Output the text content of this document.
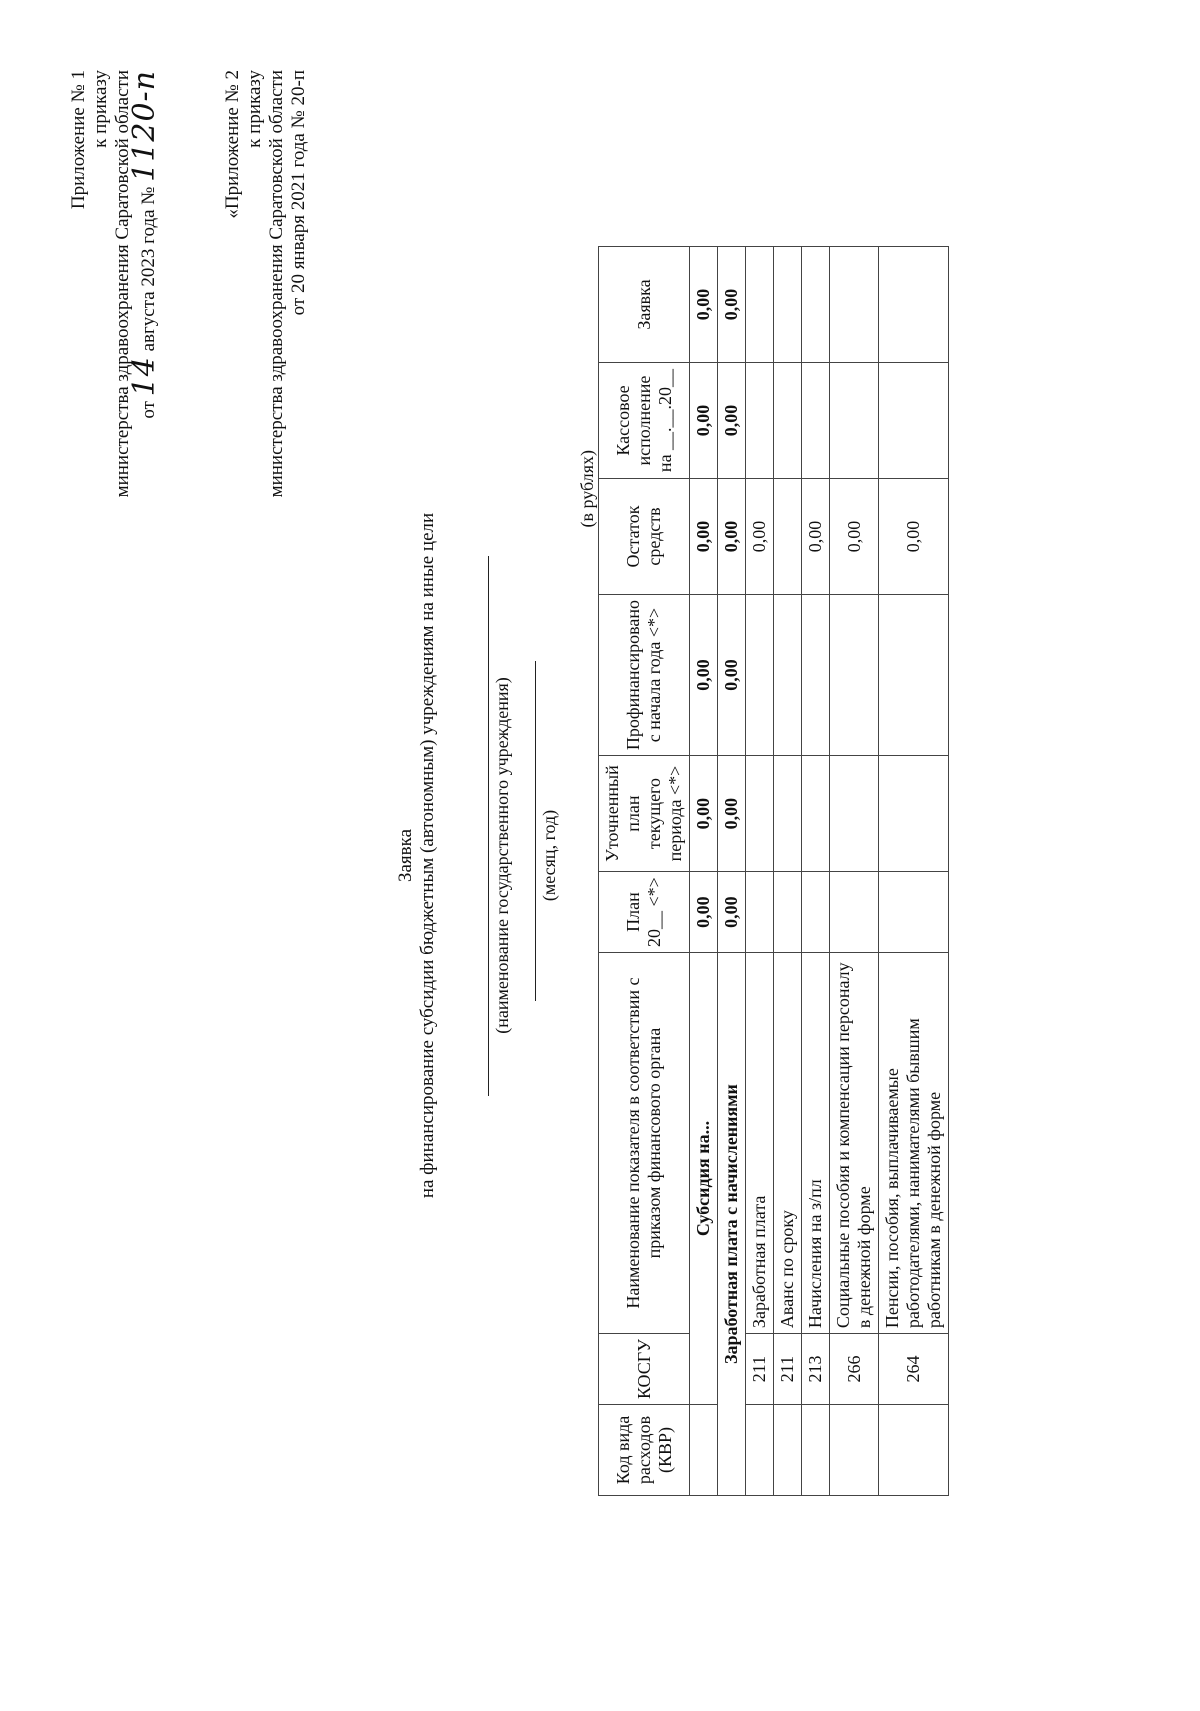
Приложение № 1 к приказу министерства здравоохранения Саратовской области от 14 августа 2023 года № 1120-п	«Приложение № 2 к приказу министерства здравоохранения Саратовской области от 20 января 2021 года № 20-п
Заявка на финансирование субсидии бюджетным (автономным) учреждениям на иные цели	(наименование государственного учреждения) (месяц, год)
(в рублях)
Код вида расходов (КВР)	КОСГУ	Наименование показателя в соответствии с приказом финансового органа	План 20__ <*>	Уточненный план текущего периода <*>	Профинансировано с начала года <*>	Остаток средств	Кассовое исполнение на __.__.20__	Заявка
	Субсидия на...		0,00	0,00	0,00	0,00	0,00	0,00
Заработная плата с начислениями			0,00	0,00	0,00	0,00	0,00	0,00
	211	Заработная плата				0,00		
	211	Аванс по сроку						
	213	Начисления на з/пл				0,00		
	266	Социальные пособия и компенсации персоналу в денежной форме				0,00		
	264	Пенсии, пособия, выплачиваемые работодателями, нанимателями бывшим работникам в денежной форме				0,00		
